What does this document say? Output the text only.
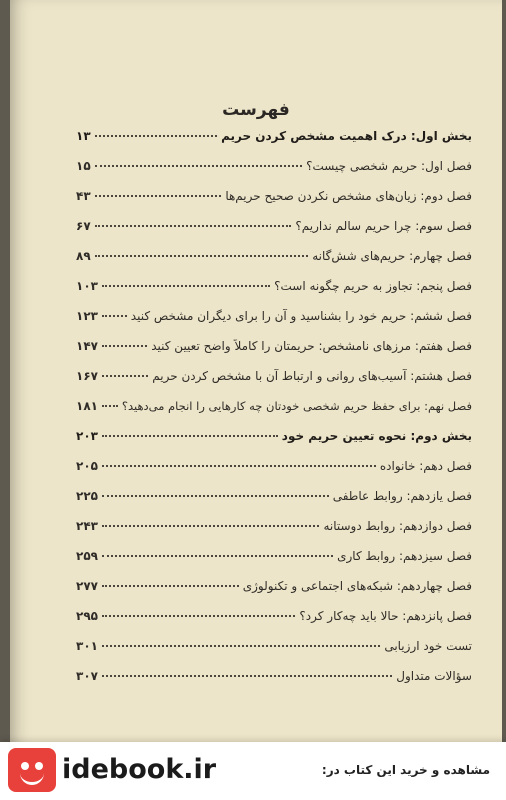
فهرست
بخش اول: درک اهمیت مشخص کردن حریم
۱۳
فصل اول: حریم شخصی چیست؟
۱۵
فصل دوم: زیان‌های مشخص نکردن صحیح حریم‌ها
۴۳
فصل سوم: چرا حریم سالم نداریم؟
۶۷
فصل چهارم: حریم‌های شش‌گانه
۸۹
فصل پنجم: تجاوز به حریم چگونه است؟
۱۰۳
فصل ششم: حریم خود را بشناسید و آن را برای دیگران مشخص کنید
۱۲۳
فصل هفتم: مرزهای نامشخص: حریمتان را کاملاً واضح تعیین کنید
۱۴۷
فصل هشتم: آسیب‌های روانی و ارتباط آن با مشخص کردن حریم
۱۶۷
فصل نهم: برای حفظ حریم شخصی خودتان چه کارهایی را انجام می‌دهید؟
۱۸۱
بخش دوم: نحوه تعیین حریم خود
۲۰۳
فصل دهم: خانواده
۲۰۵
فصل یازدهم: روابط عاطفی
۲۲۵
فصل دوازدهم: روابط دوستانه
۲۴۳
فصل سیزدهم: روابط کاری
۲۵۹
فصل چهاردهم: شبکه‌های اجتماعی و تکنولوژی
۲۷۷
فصل پانزدهم: حالا باید چه‌کار کرد؟
۲۹۵
تست خود ارزیابی
۳۰۱
سؤالات متداول
۳۰۷
idebook.ir	مشاهده و خرید این کتاب در:
